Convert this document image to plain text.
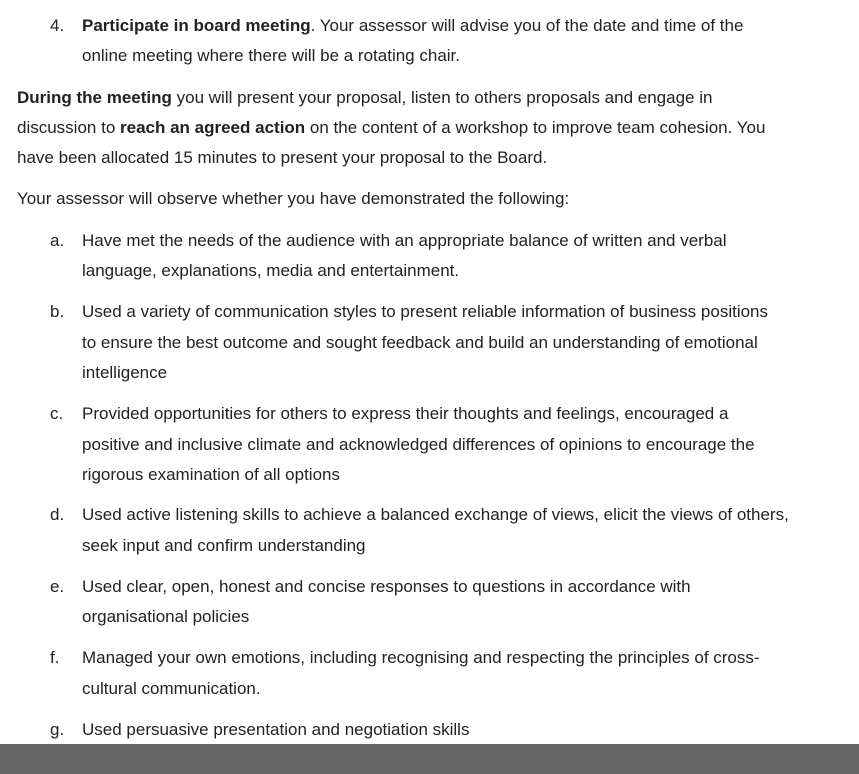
4. Participate in board meeting. Your assessor will advise you of the date and time of the
online meeting where there will be a rotating chair.
During the meeting you will present your proposal, listen to others proposals and engage in
discussion to reach an agreed action on the content of a workshop to improve team cohesion. You
have been allocated 15 minutes to present your proposal to the Board.
Your assessor will observe whether you have demonstrated the following:
a. Have met the needs of the audience with an appropriate balance of written and verbal
language, explanations, media and entertainment.
b. Used a variety of communication styles to present reliable information of business positions
to ensure the best outcome and sought feedback and build an understanding of emotional
intelligence
c. Provided opportunities for others to express their thoughts and feelings, encouraged a
positive and inclusive climate and acknowledged differences of opinions to encourage the
rigorous examination of all options
d. Used active listening skills to achieve a balanced exchange of views, elicit the views of others,
seek input and confirm understanding
e. Used clear, open, honest and concise responses to questions in accordance with
organisational policies
f. Managed your own emotions, including recognising and respecting the principles of cross-
cultural communication.
g. Used persuasive presentation and negotiation skills
